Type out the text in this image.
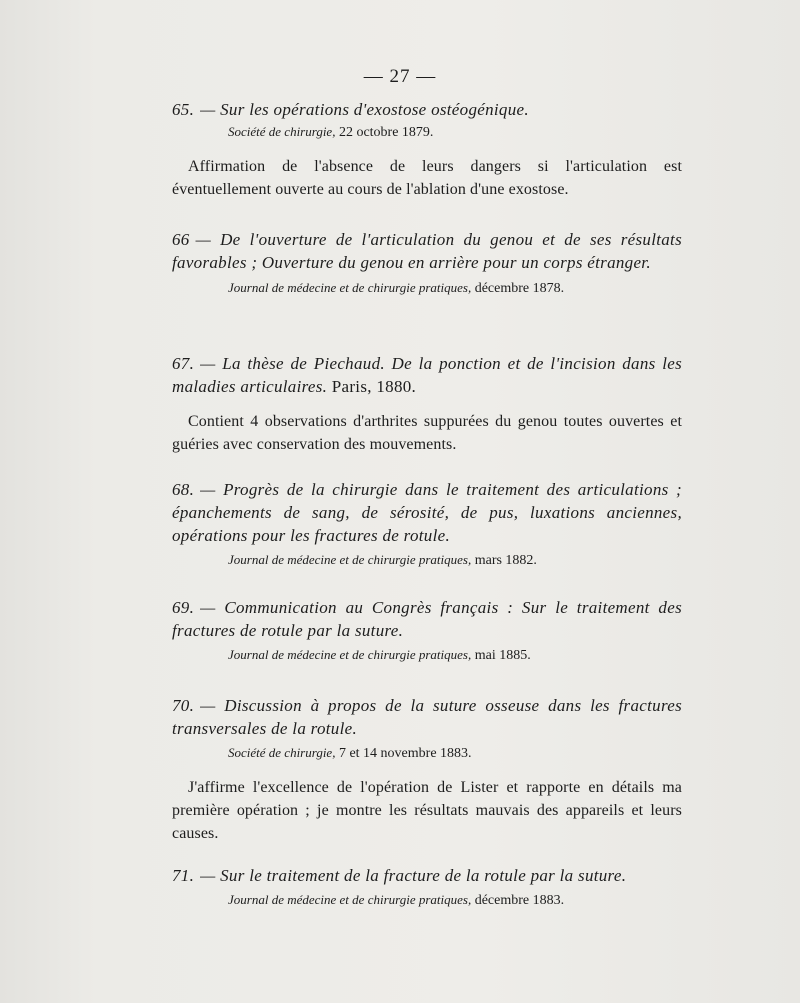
— 27 —
65. — Sur les opérations d'exostose ostéogénique.
Société de chirurgie, 22 octobre 1879.
Affirmation de l'absence de leurs dangers si l'articulation est éventuellement ouverte au cours de l'ablation d'une exostose.
66 — De l'ouverture de l'articulation du genou et de ses résultats favorables ; Ouverture du genou en arrière pour un corps étranger.
Journal de médecine et de chirurgie pratiques, décembre 1878.
67. — La thèse de Piechaud. De la ponction et de l'incision dans les maladies articulaires. Paris, 1880.
Contient 4 observations d'arthrites suppurées du genou toutes ouvertes et guéries avec conservation des mouvements.
68. — Progrès de la chirurgie dans le traitement des articulations ; épanchements de sang, de sérosité, de pus, luxations anciennes, opérations pour les fractures de rotule.
Journal de médecine et de chirurgie pratiques, mars 1882.
69. — Communication au Congrès français : Sur le traitement des fractures de rotule par la suture.
Journal de médecine et de chirurgie pratiques, mai 1885.
70. — Discussion à propos de la suture osseuse dans les fractures transversales de la rotule.
Société de chirurgie, 7 et 14 novembre 1883.
J'affirme l'excellence de l'opération de Lister et rapporte en détails ma première opération ; je montre les résultats mauvais des appareils et leurs causes.
71. — Sur le traitement de la fracture de la rotule par la suture.
Journal de médecine et de chirurgie pratiques, décembre 1883.
